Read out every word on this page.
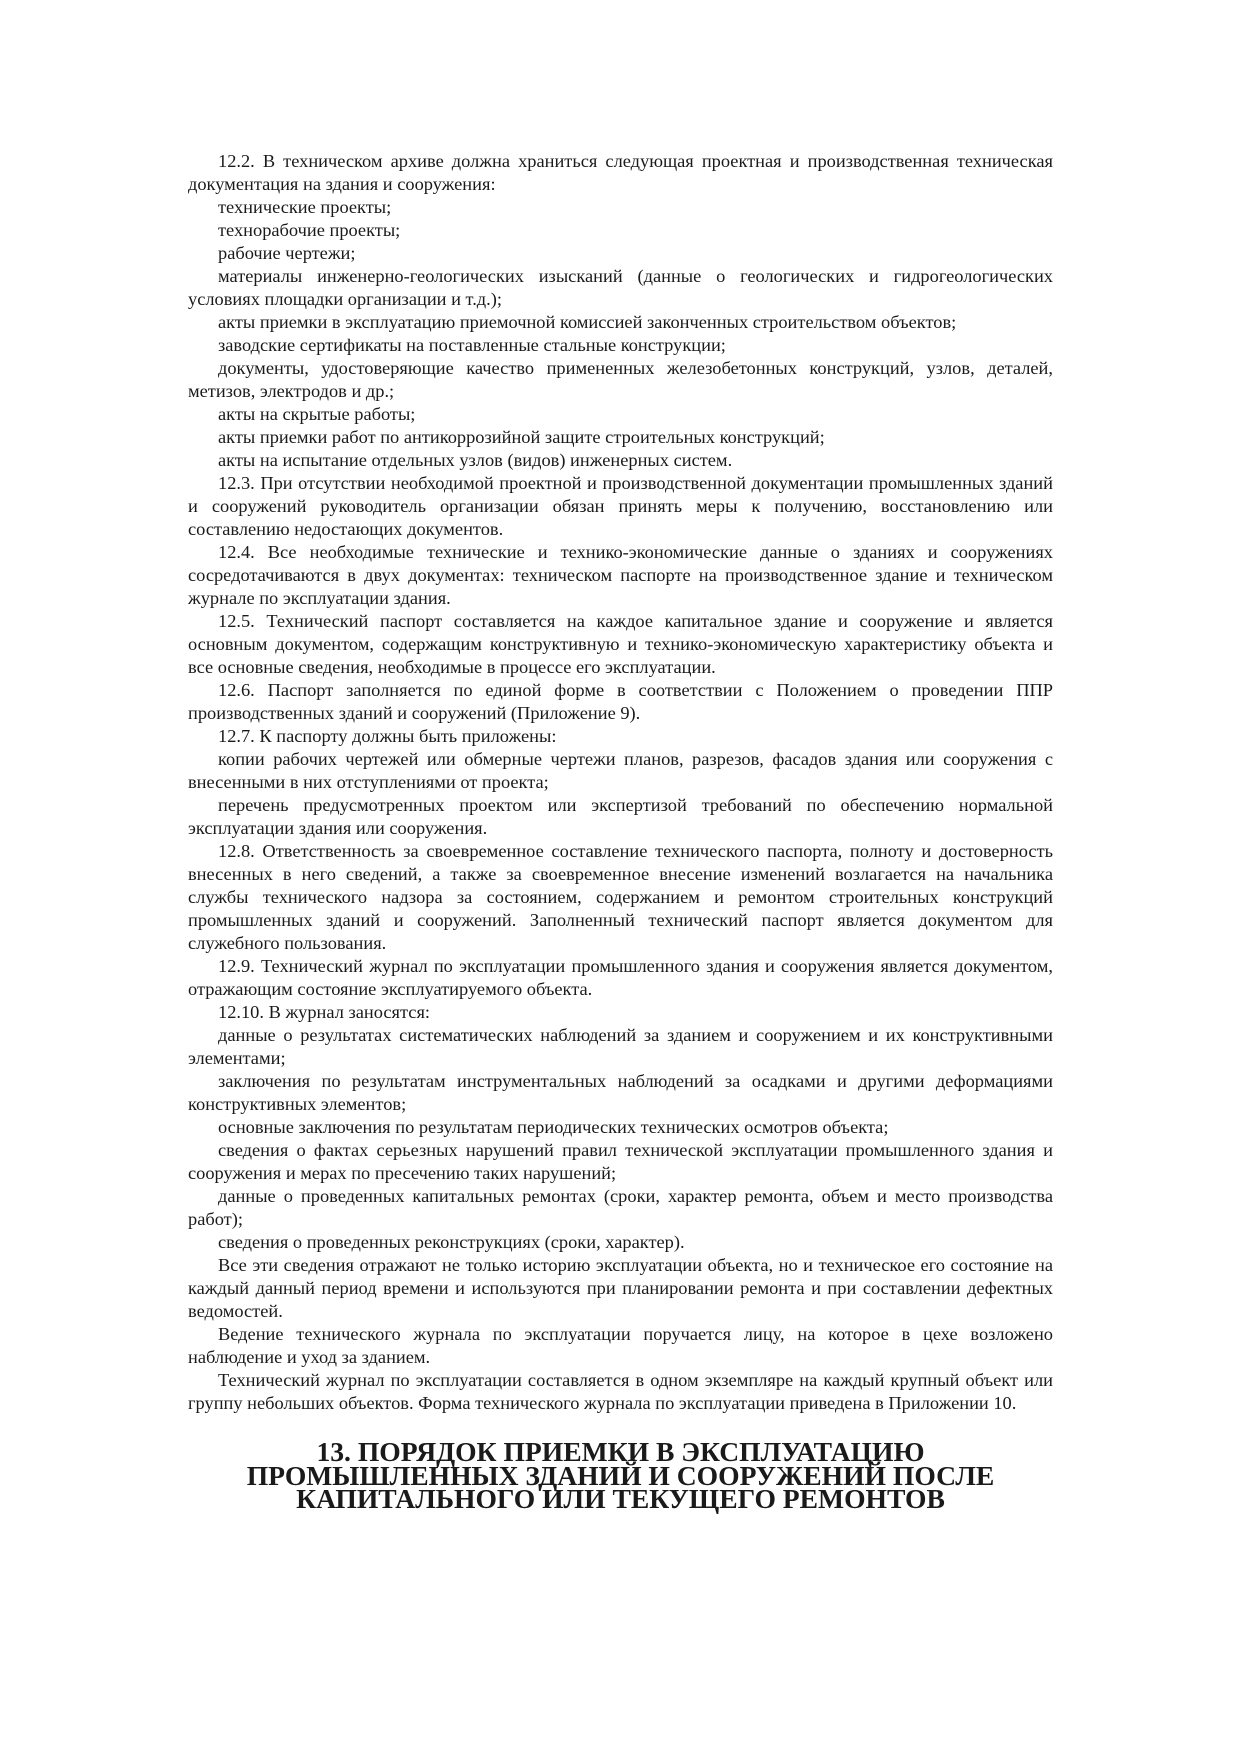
12.2. В техническом архиве должна храниться следующая проектная и производственная техническая документация на здания и сооружения:

технические проекты;

технорабочие проекты;

рабочие чертежи;

материалы инженерно-геологических изысканий (данные о геологических и гидрогеологических условиях площадки организации и т.д.);

акты приемки в эксплуатацию приемочной комиссией законченных строительством объектов;

заводские сертификаты на поставленные стальные конструкции;

документы, удостоверяющие качество примененных железобетонных конструкций, узлов, деталей, метизов, электродов и др.;

акты на скрытые работы;

акты приемки работ по антикоррозийной защите строительных конструкций;

акты на испытание отдельных узлов (видов) инженерных систем.

12.3. При отсутствии необходимой проектной и производственной документации промышленных зданий и сооружений руководитель организации обязан принять меры к получению, восстановлению или составлению недостающих документов.

12.4. Все необходимые технические и технико-экономические данные о зданиях и сооружениях сосредотачиваются в двух документах: техническом паспорте на производственное здание и техническом журнале по эксплуатации здания.

12.5. Технический паспорт составляется на каждое капитальное здание и сооружение и является основным документом, содержащим конструктивную и технико-экономическую характеристику объекта и все основные сведения, необходимые в процессе его эксплуатации.

12.6. Паспорт заполняется по единой форме в соответствии с Положением о проведении ППР производственных зданий и сооружений (Приложение 9).

12.7. К паспорту должны быть приложены:

копии рабочих чертежей или обмерные чертежи планов, разрезов, фасадов здания или сооружения с внесенными в них отступлениями от проекта;

перечень предусмотренных проектом или экспертизой требований по обеспечению нормальной эксплуатации здания или сооружения.

12.8. Ответственность за своевременное составление технического паспорта, полноту и достоверность внесенных в него сведений, а также за своевременное внесение изменений возлагается на начальника службы технического надзора за состоянием, содержанием и ремонтом строительных конструкций промышленных зданий и сооружений. Заполненный технический паспорт является документом для служебного пользования.

12.9. Технический журнал по эксплуатации промышленного здания и сооружения является документом, отражающим состояние эксплуатируемого объекта.

12.10. В журнал заносятся:

данные о результатах систематических наблюдений за зданием и сооружением и их конструктивными элементами;

заключения по результатам инструментальных наблюдений за осадками и другими деформациями конструктивных элементов;

основные заключения по результатам периодических технических осмотров объекта;

сведения о фактах серьезных нарушений правил технической эксплуатации промышленного здания и сооружения и мерах по пресечению таких нарушений;

данные о проведенных капитальных ремонтах (сроки, характер ремонта, объем и место производства работ);

сведения о проведенных реконструкциях (сроки, характер).

Все эти сведения отражают не только историю эксплуатации объекта, но и техническое его состояние на каждый данный период времени и используются при планировании ремонта и при составлении дефектных ведомостей.

Ведение технического журнала по эксплуатации поручается лицу, на которое в цехе возложено наблюдение и уход за зданием.

Технический журнал по эксплуатации составляется в одном экземпляре на каждый крупный объект или группу небольших объектов. Форма технического журнала по эксплуатации приведена в Приложении 10.

13. ПОРЯДОК ПРИЕМКИ В ЭКСПЛУАТАЦИЮ
ПРОМЫШЛЕННЫХ ЗДАНИЙ И СООРУЖЕНИЙ ПОСЛЕ
КАПИТАЛЬНОГО ИЛИ ТЕКУЩЕГО РЕМОНТОВ
